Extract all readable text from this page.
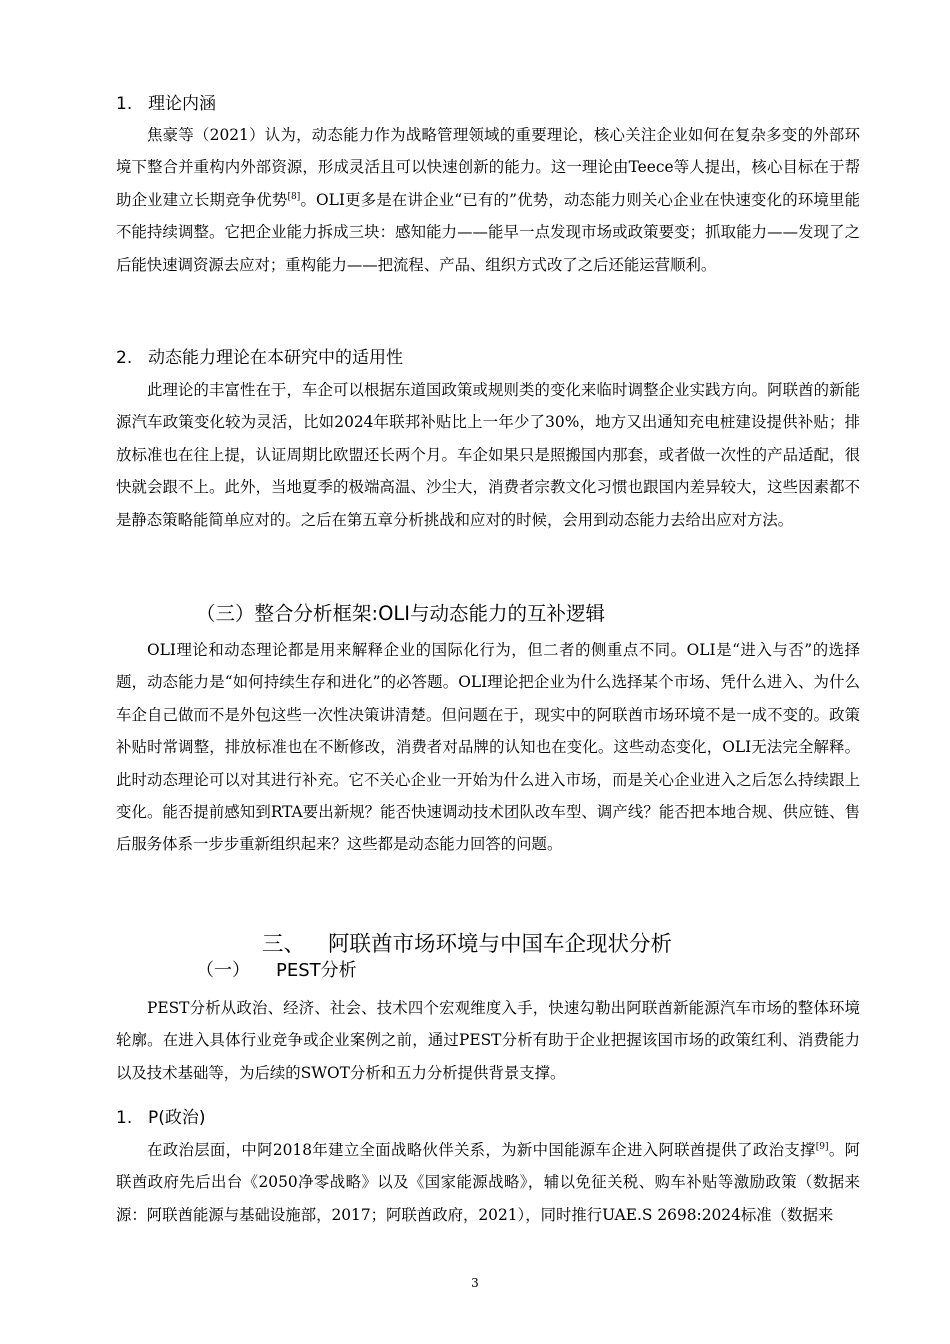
1. 理论内涵

焦豪等（2021）认为，动态能力作为战略管理领域的重要理论，核心关注企业如何在复杂多变的外部环境下整合并重构内外部资源，形成灵活且可以快速创新的能力。这一理论由Teece等人提出，核心目标在于帮助企业建立长期竞争优势[8]。OLI更多是在讲企业“已有的”优势，动态能力则关心企业在快速变化的环境里能不能持续调整。它把企业能力拆成三块：感知能力——能早一点发现市场或政策要变；抓取能力——发现了之后能快速调资源去应对；重构能力——把流程、产品、组织方式改了之后还能运营顺利。

2. 动态能力理论在本研究中的适用性

此理论的丰富性在于，车企可以根据东道国政策或规则类的变化来临时调整企业实践方向。阿联酋的新能源汽车政策变化较为灵活，比如2024年联邦补贴比上一年少了30%，地方又出通知充电桩建设提供补贴；排放标准也在往上提，认证周期比欧盟还长两个月。车企如果只是照搬国内那套，或者做一次性的产品适配，很快就会跟不上。此外，当地夏季的极端高温、沙尘大，消费者宗教文化习惯也跟国内差异较大，这些因素都不是静态策略能简单应对的。之后在第五章分析挑战和应对的时候，会用到动态能力去给出应对方法。

（三）整合分析框架:OLI与动态能力的互补逻辑

OLI理论和动态理论都是用来解释企业的国际化行为，但二者的侧重点不同。OLI是“进入与否”的选择题，动态能力是“如何持续生存和进化”的必答题。OLI理论把企业为什么选择某个市场、凭什么进入、为什么车企自己做而不是外包这些一次性决策讲清楚。但问题在于，现实中的阿联酋市场环境不是一成不变的。政策补贴时常调整，排放标准也在不断修改，消费者对品牌的认知也在变化。这些动态变化，OLI无法完全解释。此时动态理论可以对其进行补充。它不关心企业一开始为什么进入市场，而是关心企业进入之后怎么持续跟上变化。能否提前感知到RTA要出新规？能否快速调动技术团队改车型、调产线？能否把本地合规、供应链、售后服务体系一步步重新组织起来？这些都是动态能力回答的问题。

三、 阿联酋市场环境与中国车企现状分析
（一） PEST分析

PEST分析从政治、经济、社会、技术四个宏观维度入手，快速勾勒出阿联酋新能源汽车市场的整体环境轮廓。在进入具体行业竞争或企业案例之前，通过PEST分析有助于企业把握该国市场的政策红利、消费能力以及技术基础等，为后续的SWOT分析和五力分析提供背景支撑。

1. P(政治)

在政治层面，中阿2018年建立全面战略伙伴关系，为新中国能源车企进入阿联酋提供了政治支撑[9]。阿联酋政府先后出台《2050净零战略》以及《国家能源战略》，辅以免征关税、购车补贴等激励政策（数据来源：阿联酋能源与基础设施部，2017；阿联酋政府，2021），同时推行UAE.S 2698:2024标准（数据来

3
